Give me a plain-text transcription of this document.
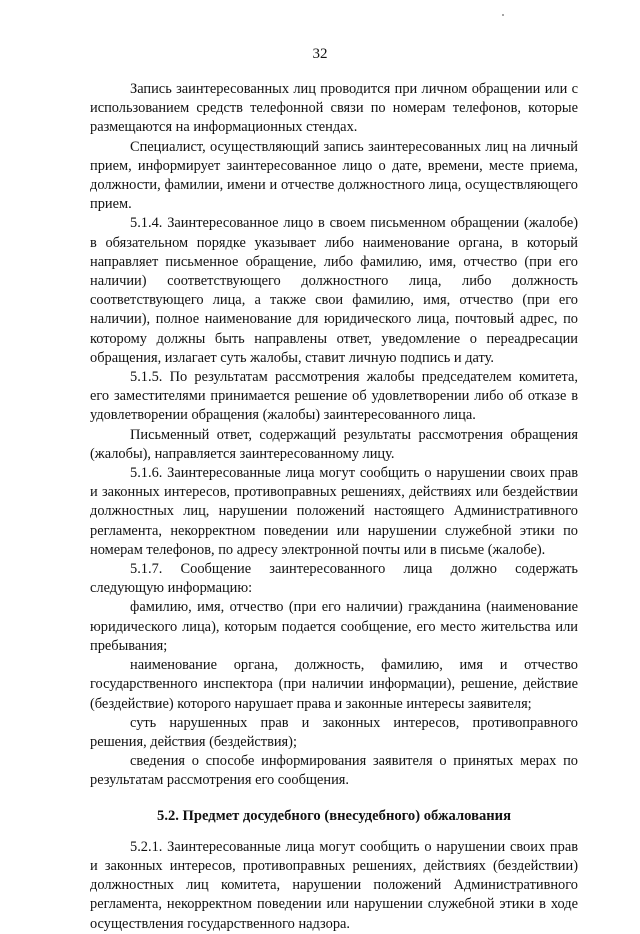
32

Запись заинтересованных лиц проводится при личном обращении или с использованием средств телефонной связи по номерам телефонов, которые размещаются на информационных стендах.

Специалист, осуществляющий запись заинтересованных лиц на личный прием, информирует заинтересованное лицо о дате, времени, месте приема, должности, фамилии, имени и отчестве должностного лица, осуществляющего прием.

5.1.4. Заинтересованное лицо в своем письменном обращении (жалобе) в обязательном порядке указывает либо наименование органа, в который направляет письменное обращение, либо фамилию, имя, отчество (при его наличии) соответствующего должностного лица, либо должность соответствующего лица, а также свои фамилию, имя, отчество (при его наличии), полное наименование для юридического лица, почтовый адрес, по которому должны быть направлены ответ, уведомление о переадресации обращения, излагает суть жалобы, ставит личную подпись и дату.

5.1.5. По результатам рассмотрения жалобы председателем комитета, его заместителями принимается решение об удовлетворении либо об отказе в удовлетворении обращения (жалобы) заинтересованного лица.

Письменный ответ, содержащий результаты рассмотрения обращения (жалобы), направляется заинтересованному лицу.

5.1.6. Заинтересованные лица могут сообщить о нарушении своих прав и законных интересов, противоправных решениях, действиях или бездействии должностных лиц, нарушении положений настоящего Административного регламента, некорректном поведении или нарушении служебной этики по номерам телефонов, по адресу электронной почты или в письме (жалобе).

5.1.7. Сообщение заинтересованного лица должно содержать следующую информацию:

фамилию, имя, отчество (при его наличии) гражданина (наименование юридического лица), которым подается сообщение, его место жительства или пребывания;

наименование органа, должность, фамилию, имя и отчество государственного инспектора (при наличии информации), решение, действие (бездействие) которого нарушает права и законные интересы заявителя;

суть нарушенных прав и законных интересов, противоправного решения, действия (бездействия);

сведения о способе информирования заявителя о принятых мерах по результатам рассмотрения его сообщения.

5.2. Предмет досудебного (внесудебного) обжалования

5.2.1. Заинтересованные лица могут сообщить о нарушении своих прав и законных интересов, противоправных решениях, действиях (бездействии) должностных лиц комитета, нарушении положений Административного регламента, некорректном поведении или нарушении служебной этики в ходе осуществления государственного надзора.
